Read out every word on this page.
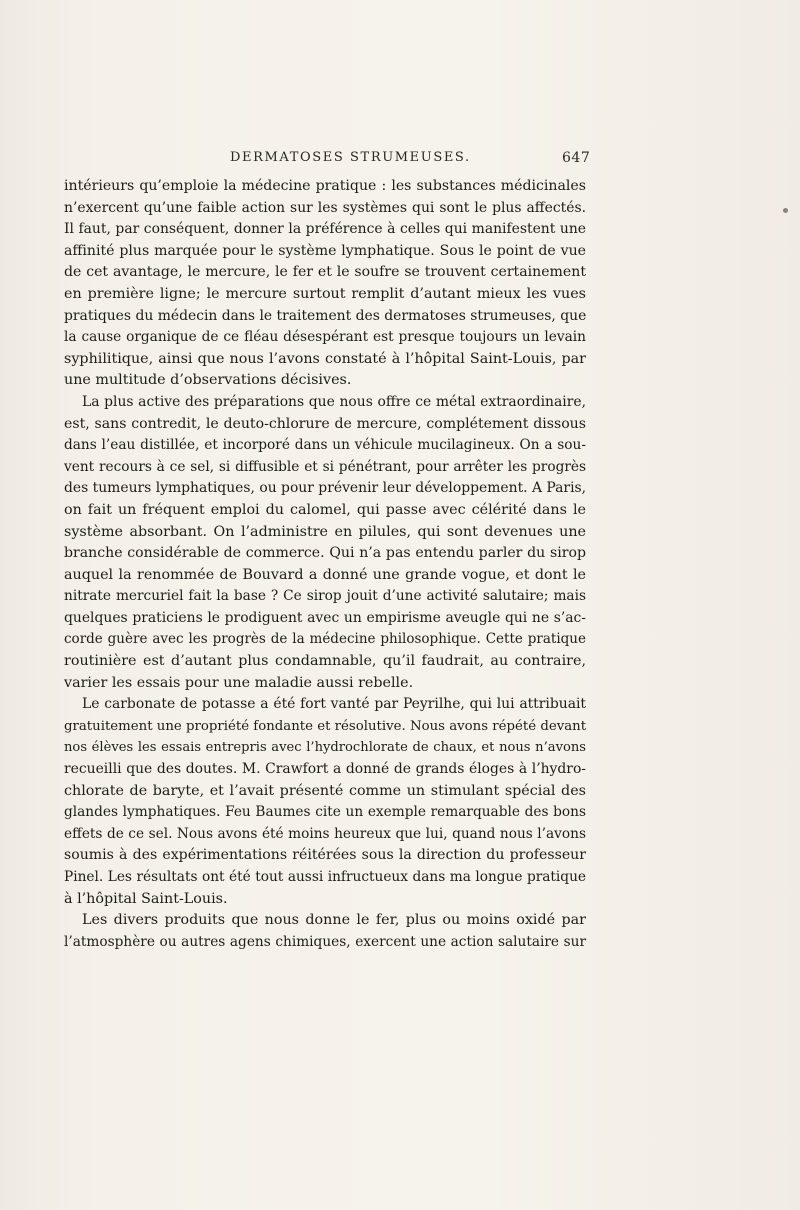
DERMATOSES STRUMEUSES.	647
intérieurs qu’emploie la médecine pratique : les substances médicinales
n’exercent qu’une faible action sur les systèmes qui sont le plus affectés.
Il faut, par conséquent, donner la préférence à celles qui manifestent une
affinité plus marquée pour le système lymphatique. Sous le point de vue
de cet avantage, le mercure, le fer et le soufre se trouvent certainement
en première ligne; le mercure surtout remplit d’autant mieux les vues
pratiques du médecin dans le traitement des dermatoses strumeuses, que
la cause organique de ce fléau désespérant est presque toujours un levain
syphilitique, ainsi que nous l’avons constaté à l’hôpital Saint-Louis, par
une multitude d’observations décisives.
La plus active des préparations que nous offre ce métal extraordinaire,
est, sans contredit, le deuto-chlorure de mercure, complétement dissous
dans l’eau distillée, et incorporé dans un véhicule mucilagineux. On a sou-
vent recours à ce sel, si diffusible et si pénétrant, pour arrêter les progrès
des tumeurs lymphatiques, ou pour prévenir leur développement. A Paris,
on fait un fréquent emploi du calomel, qui passe avec célérité dans le
système absorbant. On l’administre en pilules, qui sont devenues une
branche considérable de commerce. Qui n’a pas entendu parler du sirop
auquel la renommée de Bouvard a donné une grande vogue, et dont le
nitrate mercuriel fait la base ? Ce sirop jouit d’une activité salutaire; mais
quelques praticiens le prodiguent avec un empirisme aveugle qui ne s’ac-
corde guère avec les progrès de la médecine philosophique. Cette pratique
routinière est d’autant plus condamnable, qu’il faudrait, au contraire,
varier les essais pour une maladie aussi rebelle.
Le carbonate de potasse a été fort vanté par Peyrilhe, qui lui attribuait
gratuitement une propriété fondante et résolutive. Nous avons répété devant
nos élèves les essais entrepris avec l’hydrochlorate de chaux, et nous n’avons
recueilli que des doutes. M. Crawfort a donné de grands éloges à l’hydro-
chlorate de baryte, et l’avait présenté comme un stimulant spécial des
glandes lymphatiques. Feu Baumes cite un exemple remarquable des bons
effets de ce sel. Nous avons été moins heureux que lui, quand nous l’avons
soumis à des expérimentations réitérées sous la direction du professeur
Pinel. Les résultats ont été tout aussi infructueux dans ma longue pratique
à l’hôpital Saint-Louis.
Les divers produits que nous donne le fer, plus ou moins oxidé par
l’atmosphère ou autres agens chimiques, exercent une action salutaire sur
